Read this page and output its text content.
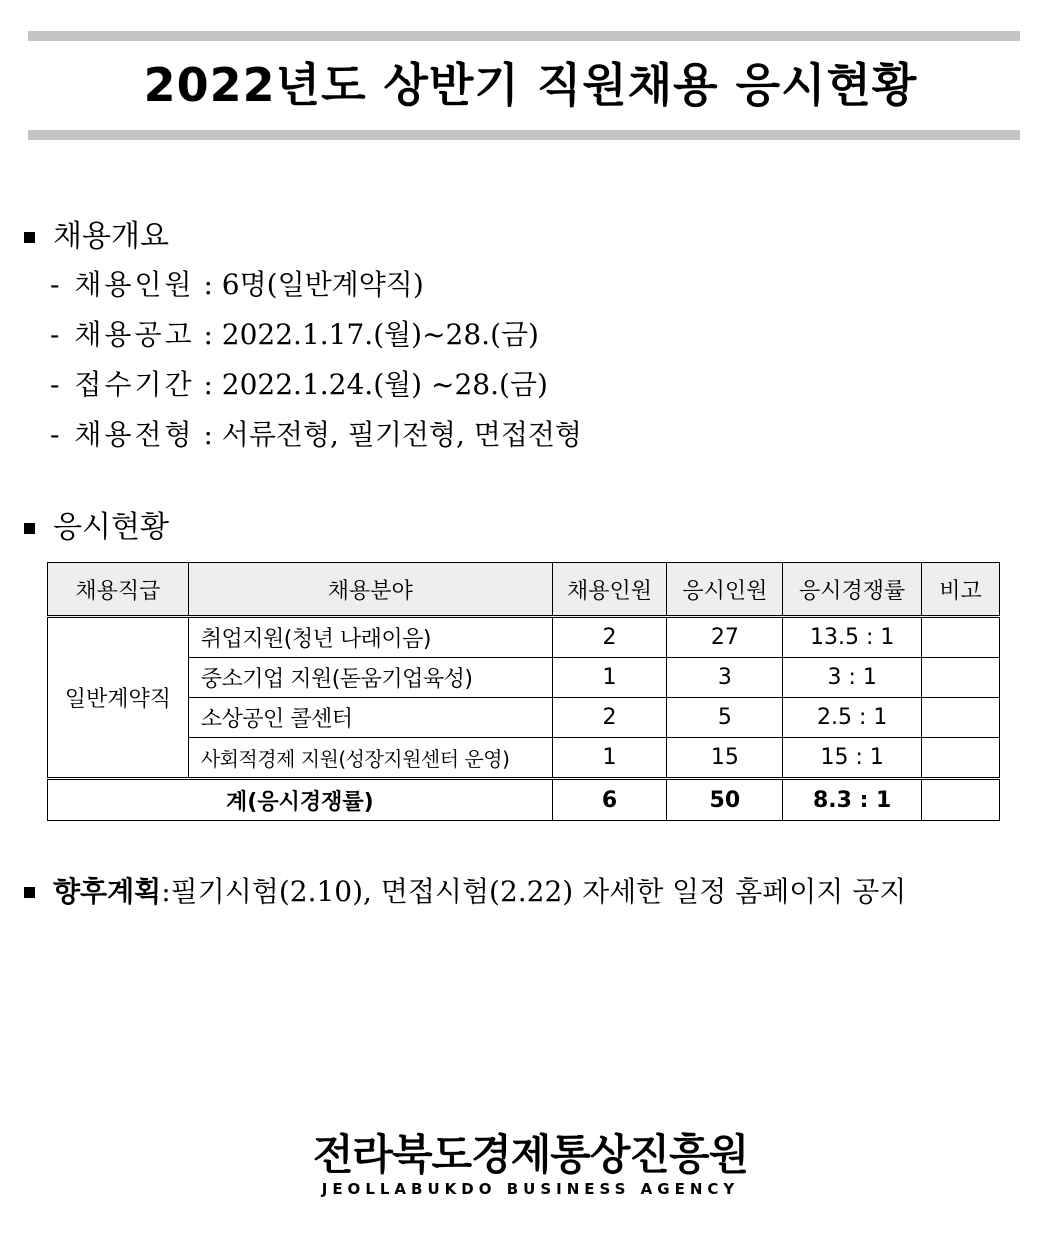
2022년도 상반기 직원채용 응시현황
채용개요
- 채용인원 : 6명(일반계약직)
- 채용공고 : 2022.1.17.(월)~28.(금)
- 접수기간 : 2022.1.24.(월) ~28.(금)
- 채용전형 : 서류전형, 필기전형, 면접전형
응시현황
채용직급	채용분야	채용인원	응시인원	응시경쟁률	비고
일반계약직	취업지원(청년 나래이음)	2	27	13.5 : 1	
	중소기업 지원(돋움기업육성)	1	3	3 : 1	
	소상공인 콜센터	2	5	2.5 : 1	
	사회적경제 지원(성장지원센터 운영)	1	15	15 : 1	
계(응시경쟁률)		6	50	8.3 : 1	
향후계획 : 필기시험(2.10), 면접시험(2.22) 자세한 일정 홈페이지 공지
전라북도경제통상진흥원
JEOLLABUKDO BUSINESS AGENCY
